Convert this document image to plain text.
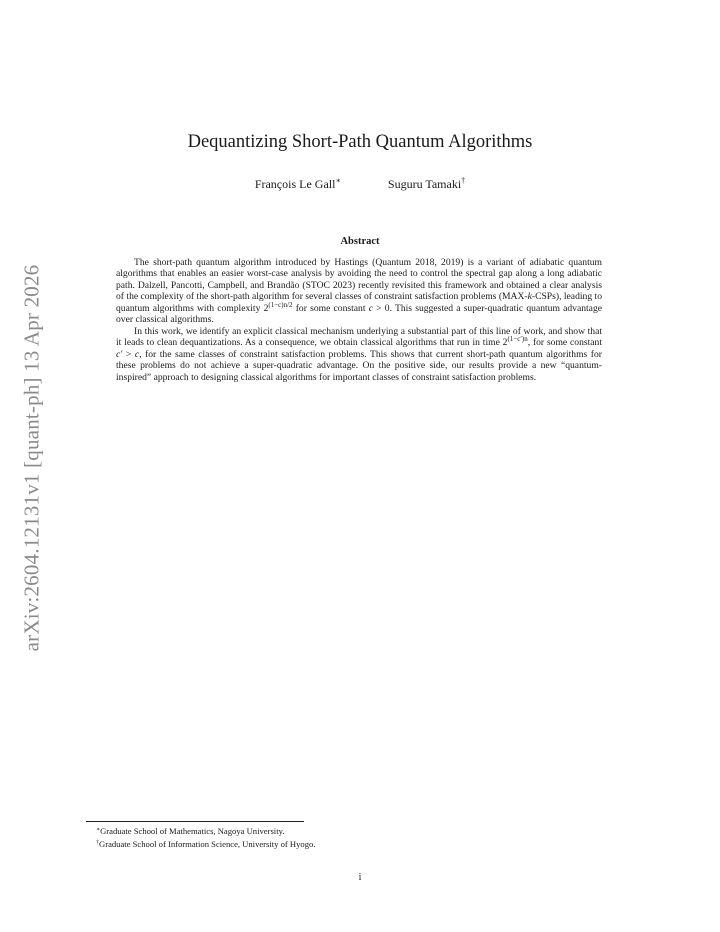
arXiv:2604.12131v1 [quant-ph] 13 Apr 2026
Dequantizing Short-Path Quantum Algorithms
François Le Gall∗	Suguru Tamaki†
Abstract

The short-path quantum algorithm introduced by Hastings (Quantum 2018, 2019) is a variant of adiabatic quantum algorithms that enables an easier worst-case analysis by avoiding the need to control the spectral gap along a long adiabatic path. Dalzell, Pancotti, Campbell, and Brandão (STOC 2023) recently revisited this framework and obtained a clear analysis of the complexity of the short-path algorithm for several classes of constraint satisfaction problems (MAX-k-CSPs), leading to quantum algorithms with complexity $2^{(1-c)n/2}$ for some constant c > 0. This suggested a super-quadratic quantum advantage over classical algorithms.

In this work, we identify an explicit classical mechanism underlying a substantial part of this line of work, and show that it leads to clean dequantizations. As a consequence, we obtain classical algorithms that run in time $2^{(1-c')n}$, for some constant c′ > c, for the same classes of constraint satisfaction problems. This shows that current short-path quantum algorithms for these problems do not achieve a super-quadratic advantage. On the positive side, our results provide a new “quantum-inspired” approach to designing classical algorithms for important classes of constraint satisfaction problems.

∗Graduate School of Mathematics, Nagoya University.
†Graduate School of Information Science, University of Hyogo.
i
